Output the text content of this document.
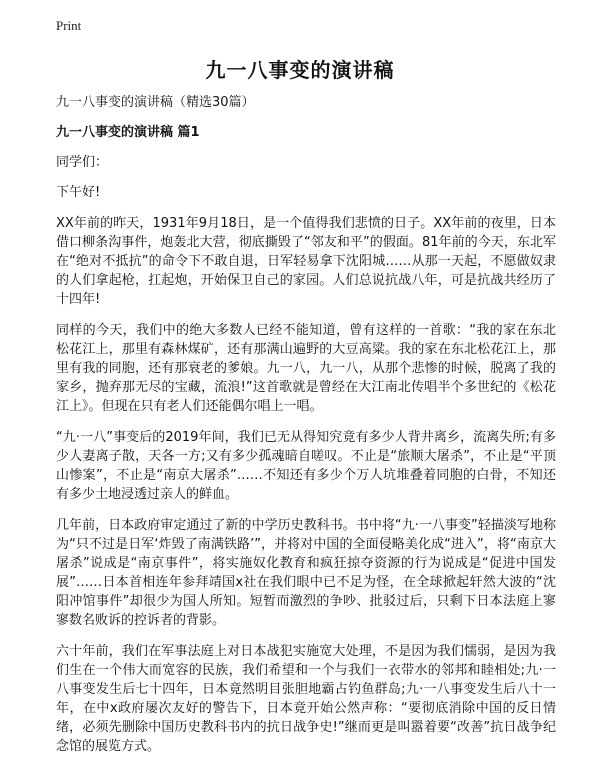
Print
九一八事变的演讲稿

九一八事变的演讲稿（精选30篇）

九一八事变的演讲稿 篇1

同学们：

下午好!

XX年前的昨天，1931年9月18日，是一个值得我们悲愤的日子。XX年前的夜里，日本借口柳条沟事件，炮轰北大营，彻底撕毁了“邻友和平”的假面。81年前的今天，东北军在“绝对不抵抗”的命令下不敢自退，日军轻易拿下沈阳城……从那一天起，不愿做奴隶的人们拿起枪，扛起炮，开始保卫自己的家园。人们总说抗战八年，可是抗战共经历了十四年!

同样的今天，我们中的绝大多数人已经不能知道，曾有这样的一首歌：“我的家在东北松花江上，那里有森林煤矿，还有那满山遍野的大豆高粱。我的家在东北松花江上，那里有我的同胞，还有那衰老的爹娘。九一八，九一八，从那个悲惨的时候，脱离了我的家乡，抛弃那无尽的宝藏，流浪!”这首歌就是曾经在大江南北传唱半个多世纪的《松花江上》。但现在只有老人们还能偶尔唱上一唱。

“九·一八”事变后的2019年间，我们已无从得知究竟有多少人背井离乡，流离失所;有多少人妻离子散，天各一方;又有多少孤魂暗自嗟叹。不止是“旅顺大屠杀”，不止是“平顶山惨案”，不止是“南京大屠杀”……不知还有多少个万人坑堆叠着同胞的白骨，不知还有多少土地浸透过亲人的鲜血。

几年前，日本政府审定通过了新的中学历史教科书。书中将“九·一八事变”轻描淡写地称为“只不过是日军‘炸毁了南满铁路’”，并将对中国的全面侵略美化成“进入”，将“南京大屠杀”说成是“南京事件”，将实施奴化教育和疯狂掠夺资源的行为说成是“促进中国发展”……日本首相连年参拜靖国x社在我们眼中已不足为怪，在全球掀起轩然大波的“沈阳冲馆事件”却很少为国人所知。短暂而激烈的争吵、批驳过后，只剩下日本法庭上寥寥数名败诉的控诉者的背影。

六十年前，我们在军事法庭上对日本战犯实施宽大处理，不是因为我们懦弱，是因为我们生在一个伟大而宽容的民族，我们希望和一个与我们一衣带水的邻邦和睦相处;九·一八事变发生后七十四年，日本竟然明目张胆地霸占钓鱼群岛;九·一八事变发生后八十一年，在中x政府屡次友好的警告下，日本竟开始公然声称：“要彻底消除中国的反日情绪，必须先删除中国历史教科书内的抗日战争史!”继而更是叫嚣着要“改善”抗日战争纪念馆的展览方式。
